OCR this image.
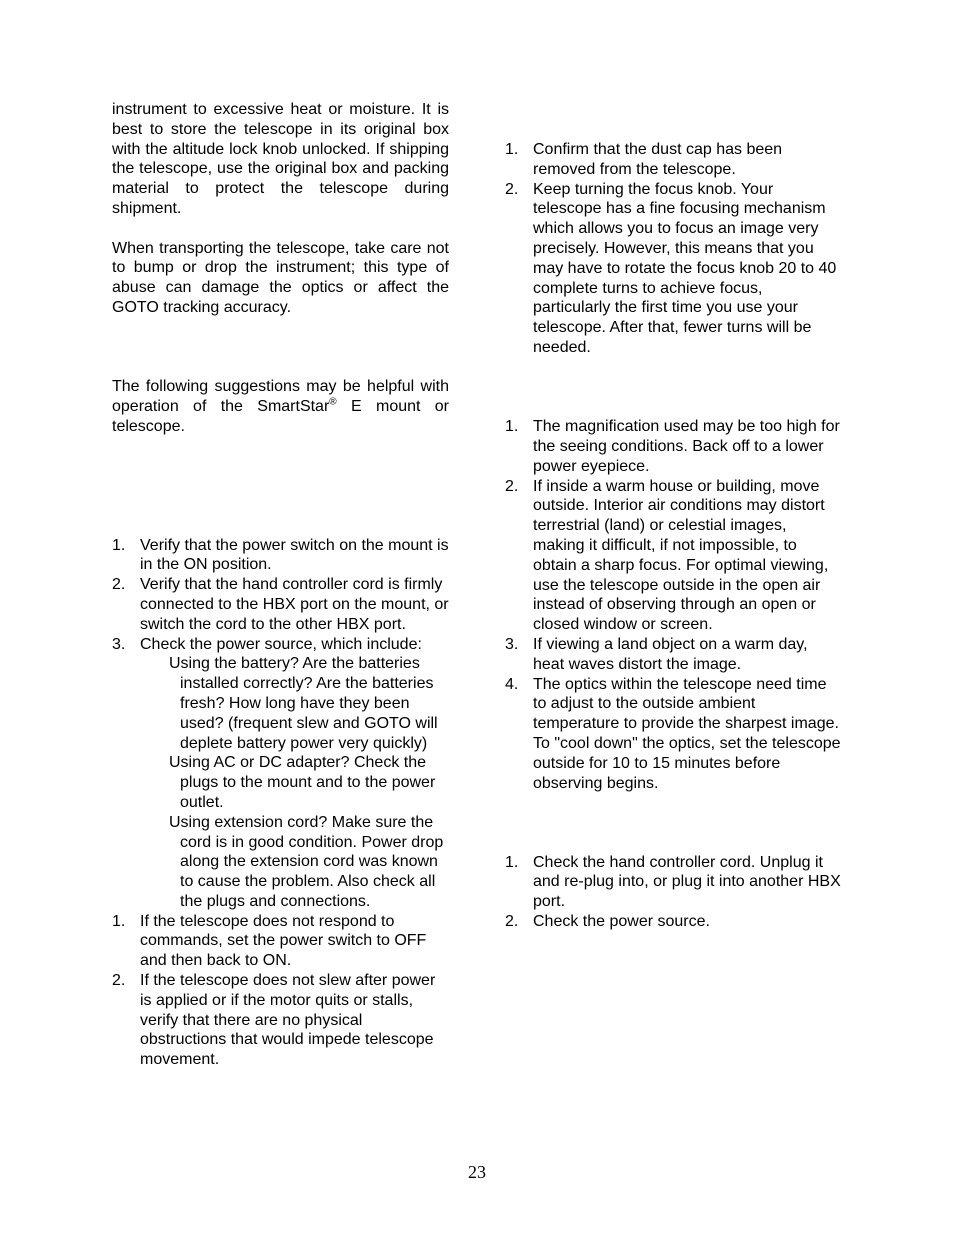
instrument to excessive heat or moisture. It is best to store the telescope in its original box with the altitude lock knob unlocked. If shipping the telescope, use the original box and packing material to protect the telescope during shipment.

When transporting the telescope, take care not to bump or drop the instrument; this type of abuse can damage the optics or affect the GOTO tracking accuracy.

The following suggestions may be helpful with operation of the SmartStar® E mount or telescope.

1. Verify that the power switch on the mount is in the ON position.
2. Verify that the hand controller cord is firmly connected to the HBX port on the mount, or switch the cord to the other HBX port.
3. Check the power source, which include:
Using the battery? Are the batteries installed correctly? Are the batteries fresh? How long have they been used? (frequent slew and GOTO will deplete battery power very quickly)
Using AC or DC adapter? Check the plugs to the mount and to the power outlet.
Using extension cord? Make sure the cord is in good condition. Power drop along the extension cord was known to cause the problem. Also check all the plugs and connections.
1. If the telescope does not respond to commands, set the power switch to OFF and then back to ON.
2. If the telescope does not slew after power is applied or if the motor quits or stalls, verify that there are no physical obstructions that would impede telescope movement.
1. Confirm that the dust cap has been removed from the telescope.
2. Keep turning the focus knob. Your telescope has a fine focusing mechanism which allows you to focus an image very precisely. However, this means that you may have to rotate the focus knob 20 to 40 complete turns to achieve focus, particularly the first time you use your telescope. After that, fewer turns will be needed.
1. The magnification used may be too high for the seeing conditions. Back off to a lower power eyepiece.
2. If inside a warm house or building, move outside. Interior air conditions may distort terrestrial (land) or celestial images, making it difficult, if not impossible, to obtain a sharp focus. For optimal viewing, use the telescope outside in the open air instead of observing through an open or closed window or screen.
3. If viewing a land object on a warm day, heat waves distort the image.
4. The optics within the telescope need time to adjust to the outside ambient temperature to provide the sharpest image. To "cool down" the optics, set the telescope outside for 10 to 15 minutes before observing begins.
1. Check the hand controller cord. Unplug it and re-plug into, or plug it into another HBX port.
2. Check the power source.
23
